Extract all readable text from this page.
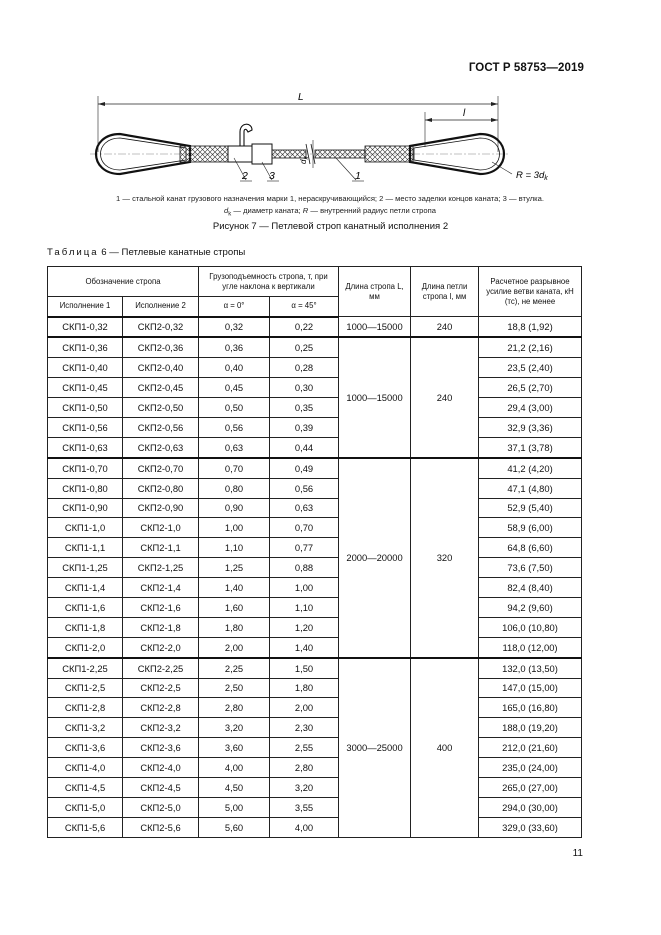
ГОСТ Р 58753—2019
L
l
$d_k$
$R = 3d_k$
2 3	1
1 — стальной канат грузового назначения марки 1, нераскручивающийся; 2 — место заделки концов каната; 3 — втулка.
$d_k$ — диаметр каната; R — внутренний радиус петли стропа
Рисунок 7 — Петлевой строп канатный исполнения 2
Таблица 6 — Петлевые канатные стропы
Обозначение стропа		Грузоподъемность стропа, т, при угле наклона к вертикали		Длина стропа L, мм	Длина петли стропа l, мм	Расчетное разрывное усилие ветви каната, кН (тс), не менее
Исполнение 1	Исполнение 2	α = 0°	α = 45°			
СКП1-0,32	СКП2-0,32	0,32	0,22	1000—15000	240	18,8 (1,92)
СКП1-0,36	СКП2-0,36	0,36	0,25	1000—15000	240	21,2 (2,16)
СКП1-0,40	СКП2-0,40	0,40	0,28			23,5 (2,40)
СКП1-0,45	СКП2-0,45	0,45	0,30			26,5 (2,70)
СКП1-0,50	СКП2-0,50	0,50	0,35			29,4 (3,00)
СКП1-0,56	СКП2-0,56	0,56	0,39			32,9 (3,36)
СКП1-0,63	СКП2-0,63	0,63	0,44			37,1 (3,78)
СКП1-0,70	СКП2-0,70	0,70	0,49	2000—20000	320	41,2 (4,20)
СКП1-0,80	СКП2-0,80	0,80	0,56			47,1 (4,80)
СКП1-0,90	СКП2-0,90	0,90	0,63			52,9 (5,40)
СКП1-1,0	СКП2-1,0	1,00	0,70			58,9 (6,00)
СКП1-1,1	СКП2-1,1	1,10	0,77			64,8 (6,60)
СКП1-1,25	СКП2-1,25	1,25	0,88			73,6 (7,50)
СКП1-1,4	СКП2-1,4	1,40	1,00			82,4 (8,40)
СКП1-1,6	СКП2-1,6	1,60	1,10			94,2 (9,60)
СКП1-1,8	СКП2-1,8	1,80	1,20			106,0 (10,80)
СКП1-2,0	СКП2-2,0	2,00	1,40			118,0 (12,00)
СКП1-2,25	СКП2-2,25	2,25	1,50	3000—25000	400	132,0 (13,50)
СКП1-2,5	СКП2-2,5	2,50	1,80			147,0 (15,00)
СКП1-2,8	СКП2-2,8	2,80	2,00			165,0 (16,80)
СКП1-3,2	СКП2-3,2	3,20	2,30			188,0 (19,20)
СКП1-3,6	СКП2-3,6	3,60	2,55			212,0 (21,60)
СКП1-4,0	СКП2-4,0	4,00	2,80			235,0 (24,00)
СКП1-4,5	СКП2-4,5	4,50	3,20			265,0 (27,00)
СКП1-5,0	СКП2-5,0	5,00	3,55			294,0 (30,00)
СКП1-5,6	СКП2-5,6	5,60	4,00			329,0 (33,60)
11
